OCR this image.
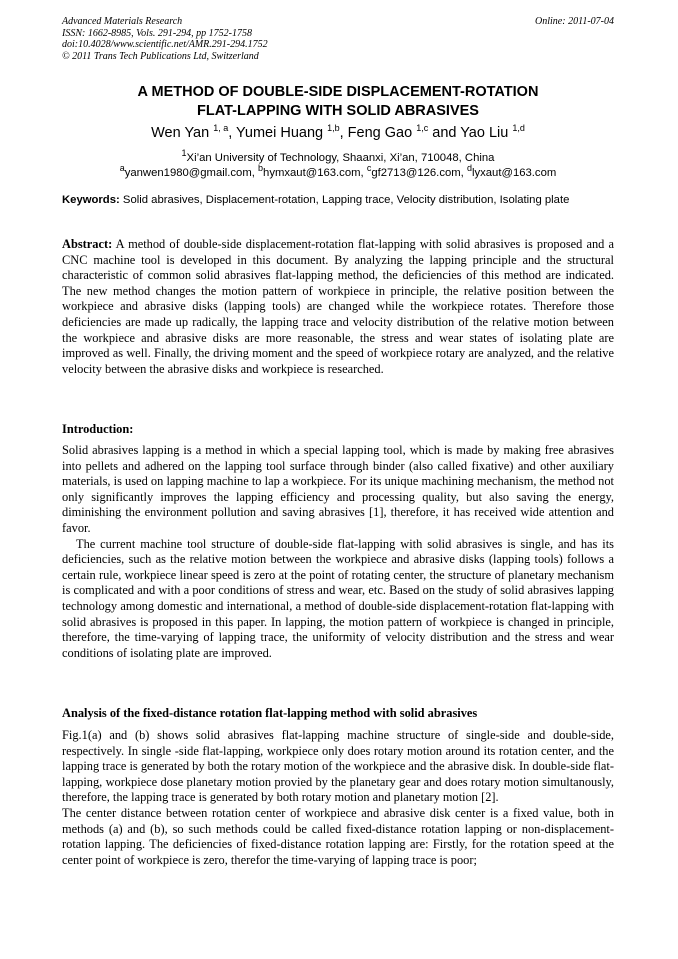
Advanced Materials Research
ISSN: 1662-8985, Vols. 291-294, pp 1752-1758
doi:10.4028/www.scientific.net/AMR.291-294.1752
© 2011 Trans Tech Publications Ltd, Switzerland
Online: 2011-07-04
A METHOD OF DOUBLE-SIDE DISPLACEMENT-ROTATION
FLAT-LAPPING WITH SOLID ABRASIVES
Wen Yan $^{1, a}$, Yumei Huang $^{1,b}$, Feng Gao $^{1,c}$ and Yao Liu $^{1,d}$
$^1$Xi’an University of Technology, Shaanxi, Xi’an, 710048, China
$^a$yanwen1980@gmail.com, $^b$hymxaut@163.com, $^c$gf2713@126.com, $^d$lyxaut@163.com
Keywords: Solid abrasives, Displacement-rotation, Lapping trace, Velocity distribution, Isolating plate

Abstract: A method of double-side displacement-rotation flat-lapping with solid abrasives is proposed and a CNC machine tool is developed in this document. By analyzing the lapping principle and the structural characteristic of common solid abrasives flat-lapping method, the deficiencies of this method are indicated. The new method changes the motion pattern of workpiece in principle, the relative position between the workpiece and abrasive disks (lapping tools) are changed while the workpiece rotates. Therefore those deficiencies are made up radically, the lapping trace and velocity distribution of the relative motion between the workpiece and abrasive disks are more reasonable, the stress and wear states of isolating plate are improved as well. Finally, the driving moment and the speed of workpiece rotary are analyzed, and the relative velocity between the abrasive disks and workpiece is researched.

Introduction:

Solid abrasives lapping is a method in which a special lapping tool, which is made by making free abrasives into pellets and adhered on the lapping tool surface through binder (also called fixative) and other auxiliary materials, is used on lapping machine to lap a workpiece. For its unique machining mechanism, the method not only significantly improves the lapping efficiency and processing quality, but also saving the energy, diminishing the environment pollution and saving abrasives [1], therefore, it has received wide attention and favor.

The current machine tool structure of double-side flat-lapping with solid abrasives is single, and has its deficiencies, such as the relative motion between the workpiece and abrasive disks (lapping tools) follows a certain rule, workpiece linear speed is zero at the point of rotating center, the structure of planetary mechanism is complicated and with a poor conditions of stress and wear, etc. Based on the study of solid abrasives lapping technology among domestic and international, a method of double-side displacement-rotation flat-lapping with solid abrasives is proposed in this paper. In lapping, the motion pattern of workpiece is changed in principle, therefore, the time-varying of lapping trace, the uniformity of velocity distribution and the stress and wear conditions of isolating plate are improved.

Analysis of the fixed-distance rotation flat-lapping method with solid abrasives

Fig.1(a) and (b) shows solid abrasives flat-lapping machine structure of single-side and double-side, respectively. In single -side flat-lapping, workpiece only does rotary motion around its rotation center, and the lapping trace is generated by both the rotary motion of the workpiece and the abrasive disk. In double-side flat-lapping, workpiece dose planetary motion provied by the planetary gear and does rotary motion simultanously, therefore, the lapping trace is generated by both rotary motion and planetary motion [2].

The center distance between rotation center of workpiece and abrasive disk center is a fixed value, both in methods (a) and (b), so such methods could be called fixed-distance rotation lapping or non-displacement-rotation lapping. The deficiencies of fixed-distance rotation lapping are: Firstly, for the rotation speed at the center point of workpiece is zero, therefor the time-varying of lapping trace is poor;
